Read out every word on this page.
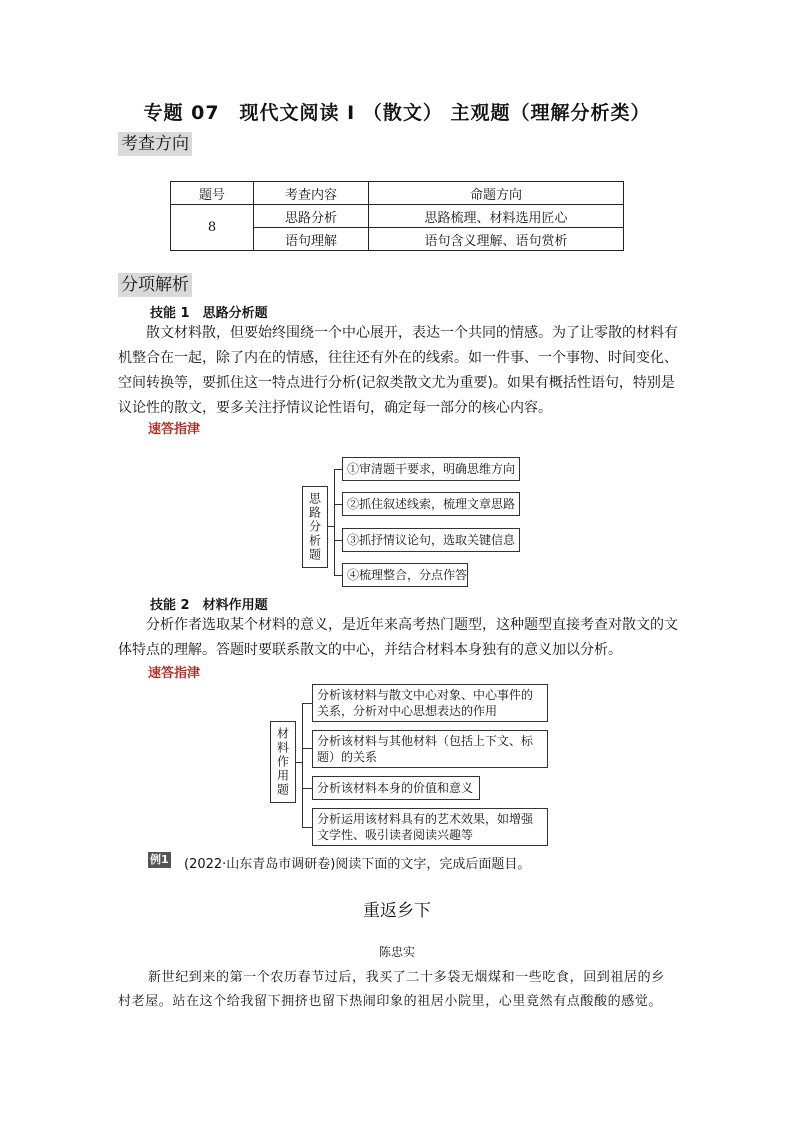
专题 07　现代文阅读 I （散文） 主观题（理解分析类）
考查方向
题号	考查内容	命题方向
8	思路分析	思路梳理、材料选用匠心
	语句理解	语句含义理解、语句赏析
分项解析
技能 1　思路分析题

散文材料散，但要始终围绕一个中心展开，表达一个共同的情感。为了让零散的材料有机整合在一起，除了内在的情感，往往还有外在的线索。如一件事、一个事物、时间变化、空间转换等，要抓住这一特点进行分析(记叙类散文尤为重要)。如果有概括性语句，特别是议论性的散文，要多关注抒情议论性语句，确定每一部分的核心内容。

速答指津
思路分析题
①审清题干要求，明确思维方向
②抓住叙述线索，梳理文章思路
③抓抒情议论句，选取关键信息
④梳理整合，分点作答
技能 2　材料作用题

分析作者选取某个材料的意义，是近年来高考热门题型，这种题型直接考查对散文的文体特点的理解。答题时要联系散文的中心，并结合材料本身独有的意义加以分析。

速答指津
材料作用题
分析该材料与散文中心对象、中心事件的关系，分析对中心思想表达的作用
分析该材料与其他材料（包括上下文、标题）的关系
分析该材料本身的价值和意义
分析运用该材料具有的艺术效果，如增强文学性、吸引读者阅读兴趣等
例1 (2022·山东青岛市调研卷)阅读下面的文字，完成后面题目。
重返乡下
陈忠实
新世纪到来的第一个农历春节过后，我买了二十多袋无烟煤和一些吃食，回到祖居的乡
村老屋。站在这个给我留下拥挤也留下热闹印象的祖居小院里，心里竟然有点酸酸的感觉。
